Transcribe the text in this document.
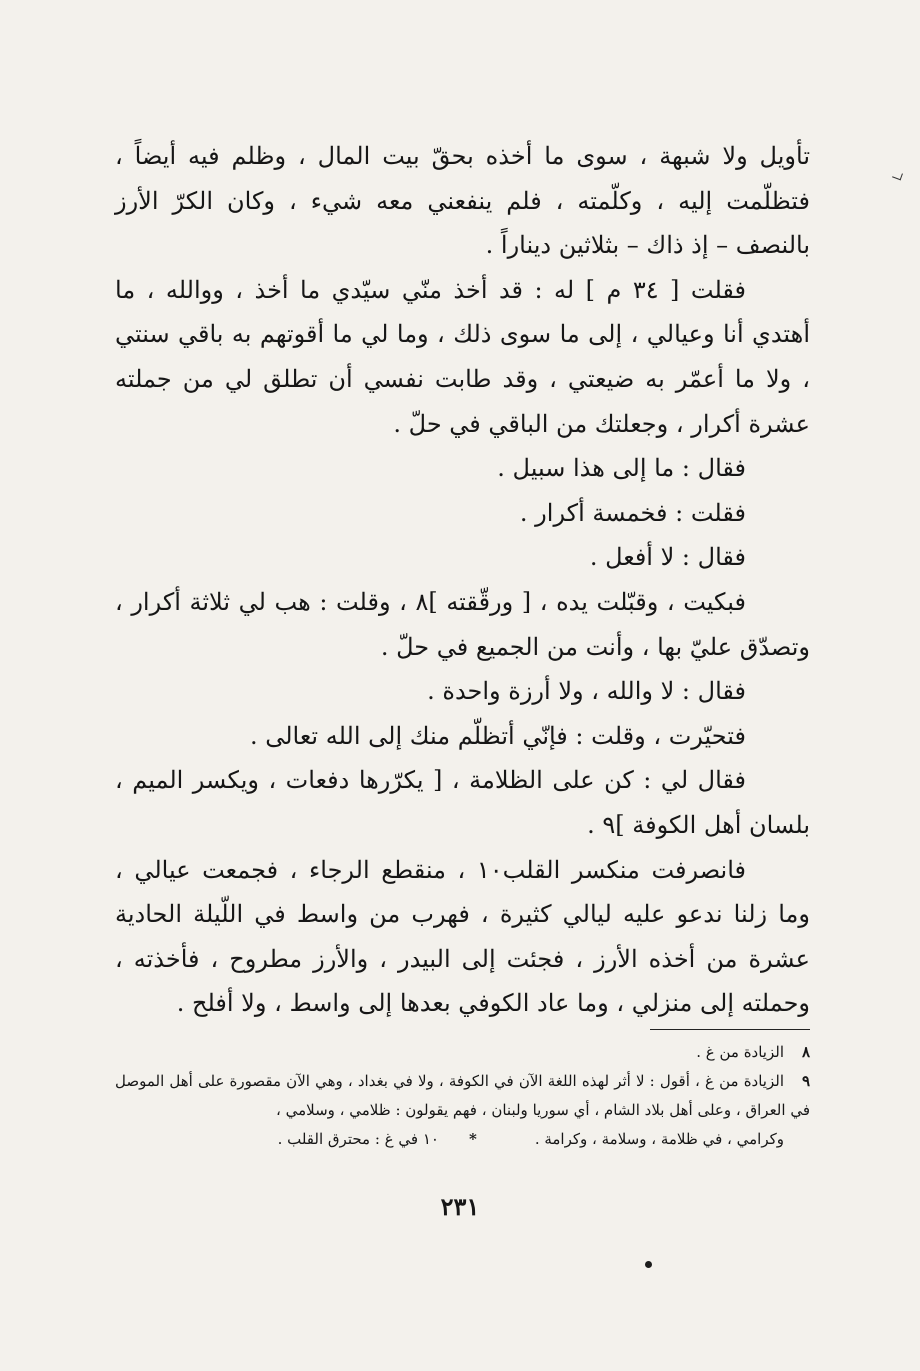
تأويل ولا شبهة ، سوى ما أخذه بحقّ بيت المال ، وظلم فيه أيضاً ، فتظلّمت إليه ، وكلّمته ، فلم ينفعني معه شيء ، وكان الكرّ الأرز بالنصف – إذ ذاك – بثلاثين ديناراً .

فقلت [ ٣٤ م ] له : قد أخذ منّي سيّدي ما أخذ ، ووالله ، ما أهتدي أنا وعيالي ، إلى ما سوى ذلك ، وما لي ما أقوتهم به باقي سنتي ، ولا ما أعمّر به ضيعتي ، وقد طابت نفسي أن تطلق لي من جملته عشرة أكرار ، وجعلتك من الباقي في حلّ .

فقال : ما إلى هذا سبيل .

فقلت : فخمسة أكرار .

فقال : لا أفعل .

فبكيت ، وقبّلت يده ، [ ورقّقته ]٨ ، وقلت : هب لي ثلاثة أكرار ، وتصدّق عليّ بها ، وأنت من الجميع في حلّ .

فقال : لا والله ، ولا أرزة واحدة .

فتحيّرت ، وقلت : فإنّي أتظلّم منك إلى الله تعالى .

فقال لي : كن على الظلامة ، [ يكرّرها دفعات ، ويكسر الميم ، بلسان أهل الكوفة ]٩ .

فانصرفت منكسر القلب١٠ ، منقطع الرجاء ، فجمعت عيالي ، وما زلنا ندعو عليه ليالي كثيرة ، فهرب من واسط في اللّيلة الحادية عشرة من أخذه الأرز ، فجئت إلى البيدر ، والأرز مطروح ، فأخذته ، وحملته إلى منزلي ، وما عاد الكوفي بعدها إلى واسط ، ولا أفلح .

٨الزيادة من غ .

٩الزيادة من غ ، أقول : لا أثر لهذه اللغة الآن في الكوفة ، ولا في بغداد ، وهي الآن مقصورة على أهل الموصل في العراق ، وعلى أهل بلاد الشام ، أي سوريا ولبنان ، فهم يقولون : ظلامي ، وسلامي ،

وكرامي ، في ظلامة ، وسلامة ، وكرامة .
*
١٠ في غ : محترق القلب .
٢٣١
